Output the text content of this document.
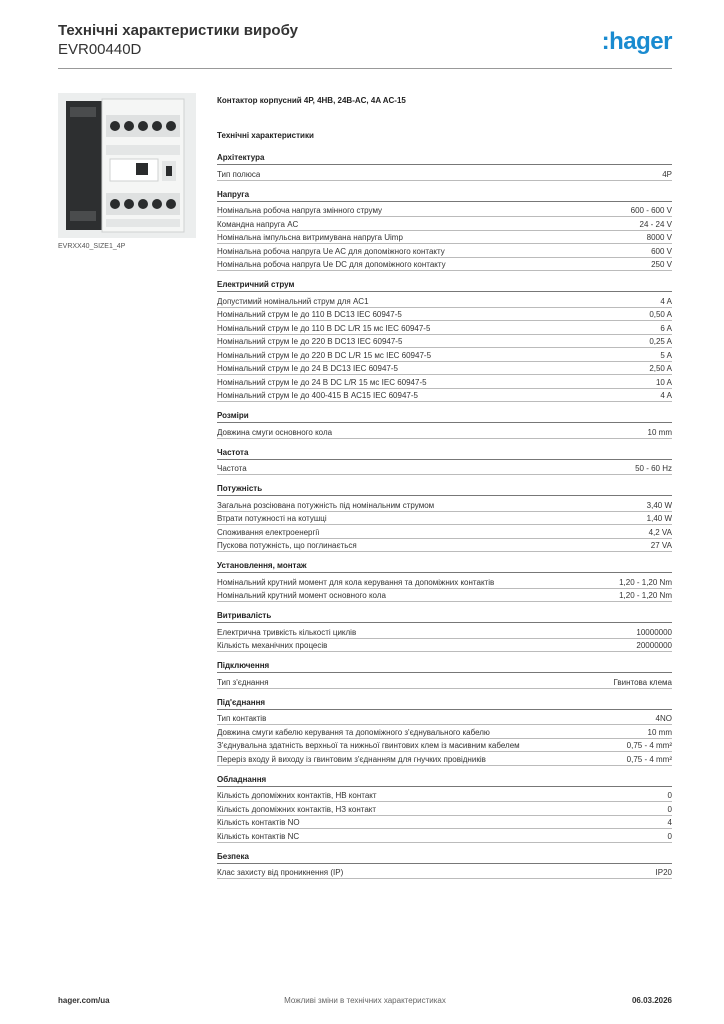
Технічні характеристики виробу
EVR00440D	:hager
EVRXX40_SIZE1_4P
Контактор корпусний 4P, 4НВ, 24В-AC, 4A AC-15
Технічні характеристики
Архітектура
Тип полюса	4P
Напруга
Номінальна робоча напруга змінного струму	600 - 600 V
Командна напруга AC	24 - 24 V
Номінальна імпульсна витримувана напруга Uimp	8000 V
Номінальна робоча напруга Ue AC для допоміжного контакту	600 V
Номінальна робоча напруга Ue DC для допоміжного контакту	250 V
Електричний струм
Допустимий номінальний струм для AC1	4 A
Номінальний струм Ie до 110 В DC13 IEC 60947-5	0,50 A
Номінальний струм Ie до 110 В DC L/R 15 мс IEC 60947-5	6 A
Номінальний струм Ie до 220 В DC13 IEC 60947-5	0,25 A
Номінальний струм Ie до 220 В DC L/R 15 мс IEC 60947-5	5 A
Номінальний струм Ie до 24 В DC13 IEC 60947-5	2,50 A
Номінальний струм Ie до 24 В DC L/R 15 мс IEC 60947-5	10 A
Номінальний струм Ie до 400-415 В AC15 IEC 60947-5	4 A
Розміри
Довжина смуги основного кола	10 mm
Частота
Частота	50 - 60 Hz
Потужність
Загальна розсіювана потужність під номінальним струмом	3,40 W
Втрати потужності на котушці	1,40 W
Споживання електроенергії	4,2 VA
Пускова потужність, що поглинається	27 VA
Установлення, монтаж
Номінальний крутний момент для кола керування та допоміжних контактів	1,20 - 1,20 Nm
Номінальний крутний момент основного кола	1,20 - 1,20 Nm
Витривалість
Електрична тривкість кількості циклів	10000000
Кількість механічних процесів	20000000
Підключення
Тип з'єднання	Гвинтова клема
Під'єднання
Тип контактів	4NO
Довжина смуги кабелю керування та допоміжного з'єднувального кабелю	10 mm
З'єднувальна здатність верхньої та нижньої гвинтових клем із масивним кабелем	0,75 - 4 mm²
Переріз входу й виходу із гвинтовим з'єднанням для гнучких провідників	0,75 - 4 mm²
Обладнання
Кількість допоміжних контактів, НВ контакт	0
Кількість допоміжних контактів, НЗ контакт	0
Кількість контактів NO	4
Кількість контактів NC	0
Безпека
Клас захисту від проникнення (IP)	IP20
hager.com/ua	Можливі зміни в технічних характеристиках	06.03.2026
